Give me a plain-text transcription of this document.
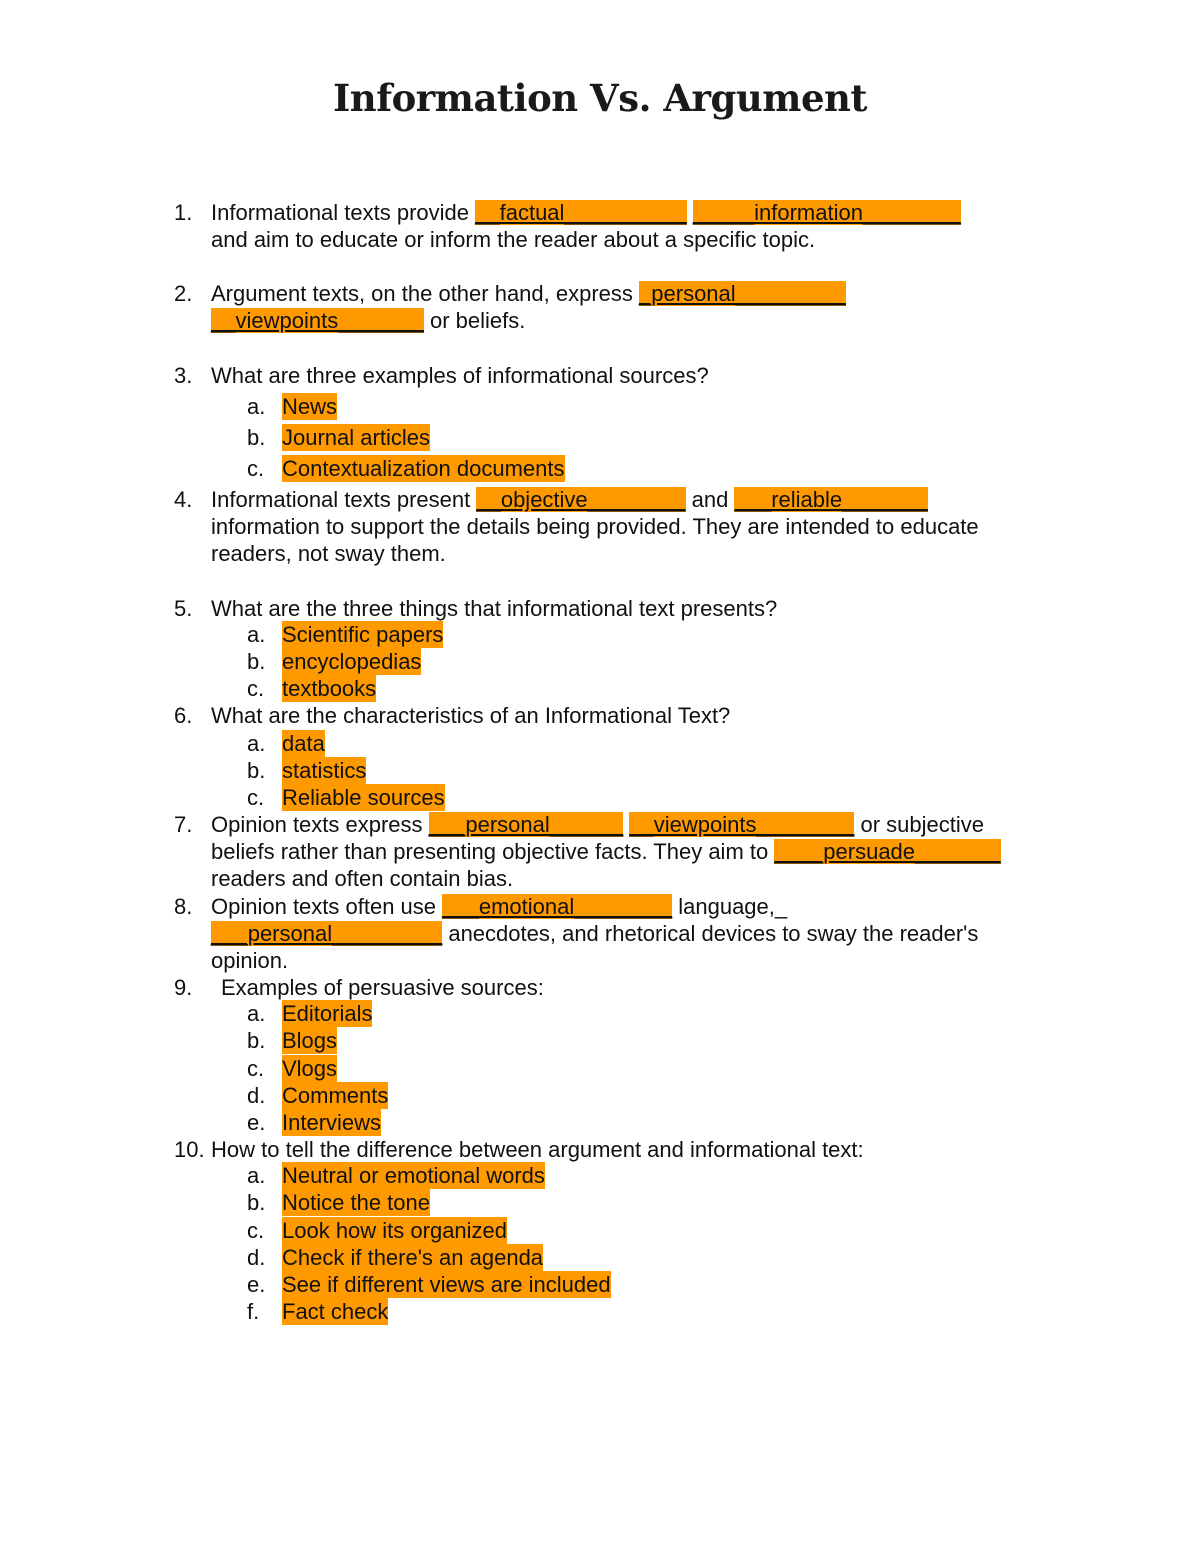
Information Vs. Argument
1. Informational texts provide __factual__________ _____information________
and aim to educate or inform the reader about a specific topic.
2. Argument texts, on the other hand, express _personal_________
__viewpoints_______ or beliefs.
3. What are three examples of informational sources?
a. News
b. Journal articles
c. Contextualization documents
4. Informational texts present __objective________ and ___reliable_______
information to support the details being provided. They are intended to educate
readers, not sway them.
5. What are the three things that informational text presents?
a. Scientific papers
b. encyclopedias
c. textbooks
6. What are the characteristics of an Informational Text?
a. data
b. statistics
c. Reliable sources
7. Opinion texts express ___personal______ __viewpoints________ or subjective
beliefs rather than presenting objective facts. They aim to ____persuade_______
readers and often contain bias.
8. Opinion texts often use ___emotional________ language,_
___personal_________ anecdotes, and rhetorical devices to sway the reader's
opinion.
9. Examples of persuasive sources:
a. Editorials
b. Blogs
c. Vlogs
d. Comments
e. Interviews
10. How to tell the difference between argument and informational text:
a. Neutral or emotional words
b. Notice the tone
c. Look how its organized
d. Check if there's an agenda
e. See if different views are included
f. Fact check
